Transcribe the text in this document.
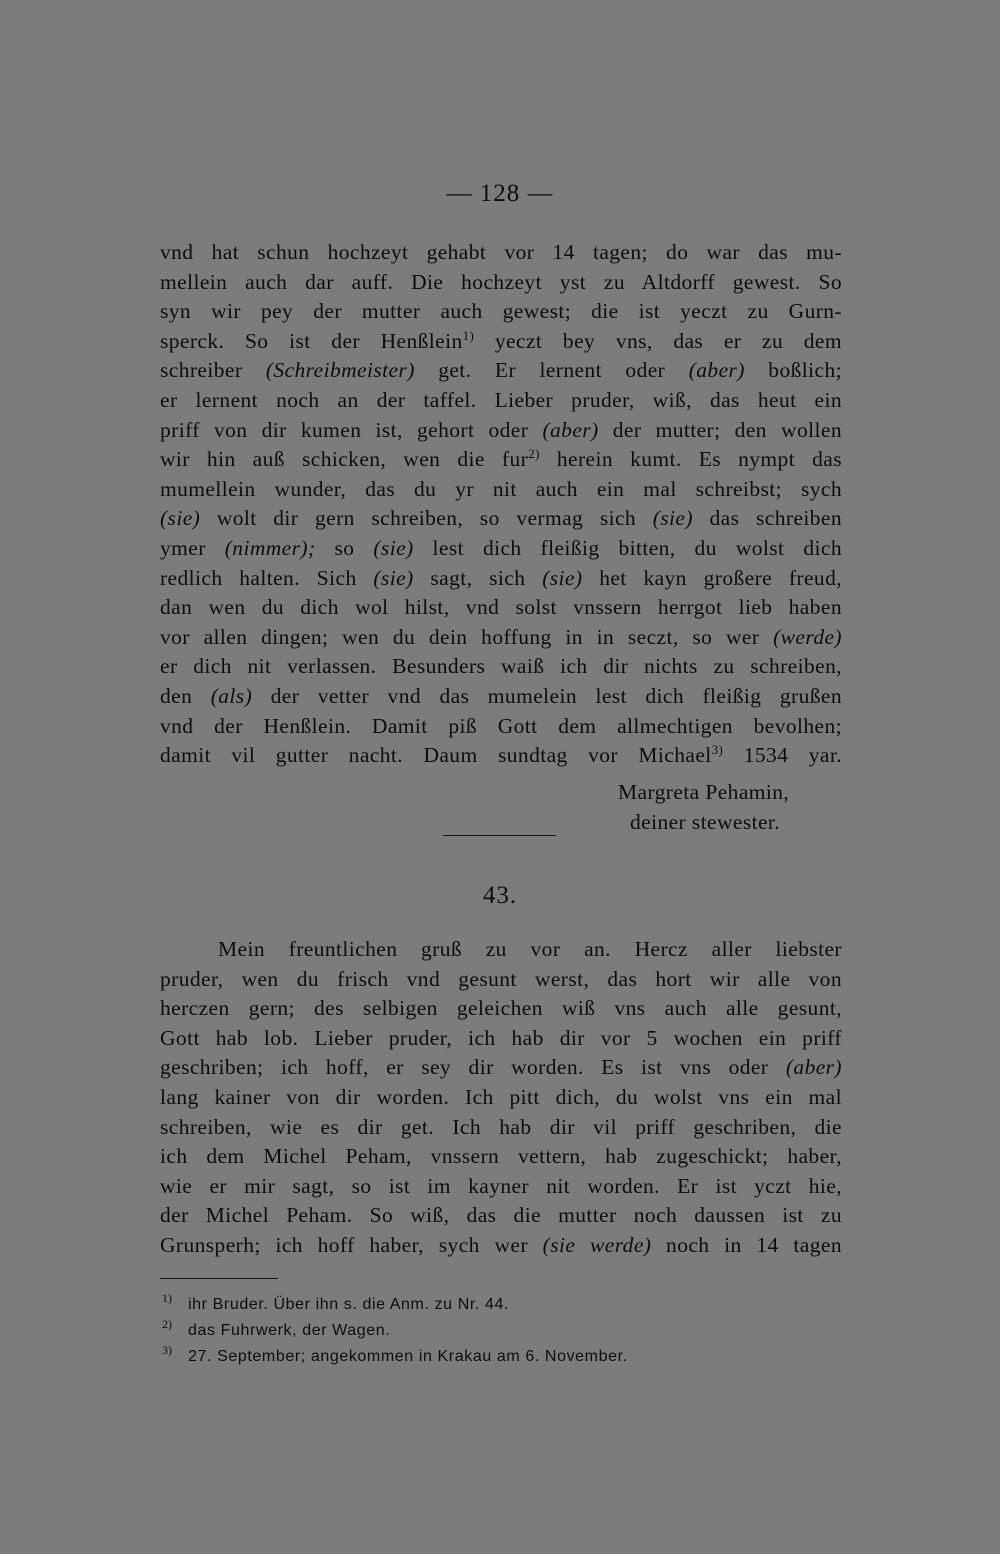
— 128 —
vnd hat schun hochzeyt gehabt vor 14 tagen; do war das mu-
mellein auch dar auff. Die hochzeyt yst zu Altdorff gewest. So
syn wir pey der mutter auch gewest; die ist yeczt zu Gurn-
sperck. So ist der Henßlein$^{1)}$ yeczt bey vns, das er zu dem
schreiber (Schreibmeister) get. Er lernent oder (aber) boßlich;
er lernent noch an der taffel. Lieber pruder, wiß, das heut ein
priff von dir kumen ist, gehort oder (aber) der mutter; den wollen
wir hin auß schicken, wen die fur$^{2)}$ herein kumt. Es nympt das
mumellein wunder, das du yr nit auch ein mal schreibst; sych
(sie) wolt dir gern schreiben, so vermag sich (sie) das schreiben
ymer (nimmer); so (sie) lest dich fleißig bitten, du wolst dich
redlich halten. Sich (sie) sagt, sich (sie) het kayn großere freud,
dan wen du dich wol hilst, vnd solst vnssern herrgot lieb haben
vor allen dingen; wen du dein hoffung in in seczt, so wer (werde)
er dich nit verlassen. Besunders waiß ich dir nichts zu schreiben,
den (als) der vetter vnd das mumelein lest dich fleißig grußen
vnd der Henßlein. Damit piß Gott dem allmechtigen bevolhen;
damit vil gutter nacht. Daum sundtag vor Michael$^{3)}$ 1534 yar.
Margreta Pehamin,
deiner stewester.
43.
Mein freuntlichen gruß zu vor an. Hercz aller liebster
pruder, wen du frisch vnd gesunt werst, das hort wir alle von
herczen gern; des selbigen geleichen wiß vns auch alle gesunt,
Gott hab lob. Lieber pruder, ich hab dir vor 5 wochen ein priff
geschriben; ich hoff, er sey dir worden. Es ist vns oder (aber)
lang kainer von dir worden. Ich pitt dich, du wolst vns ein mal
schreiben, wie es dir get. Ich hab dir vil priff geschriben, die
ich dem Michel Peham, vnssern vettern, hab zugeschickt; haber,
wie er mir sagt, so ist im kayner nit worden. Er ist yczt hie,
der Michel Peham. So wiß, das die mutter noch daussen ist zu
Grunsperh; ich hoff haber, sych wer (sie werde) noch in 14 tagen
1) ihr Bruder. Über ihn s. die Anm. zu Nr. 44.
2) das Fuhrwerk, der Wagen.
3) 27. September; angekommen in Krakau am 6. November.
